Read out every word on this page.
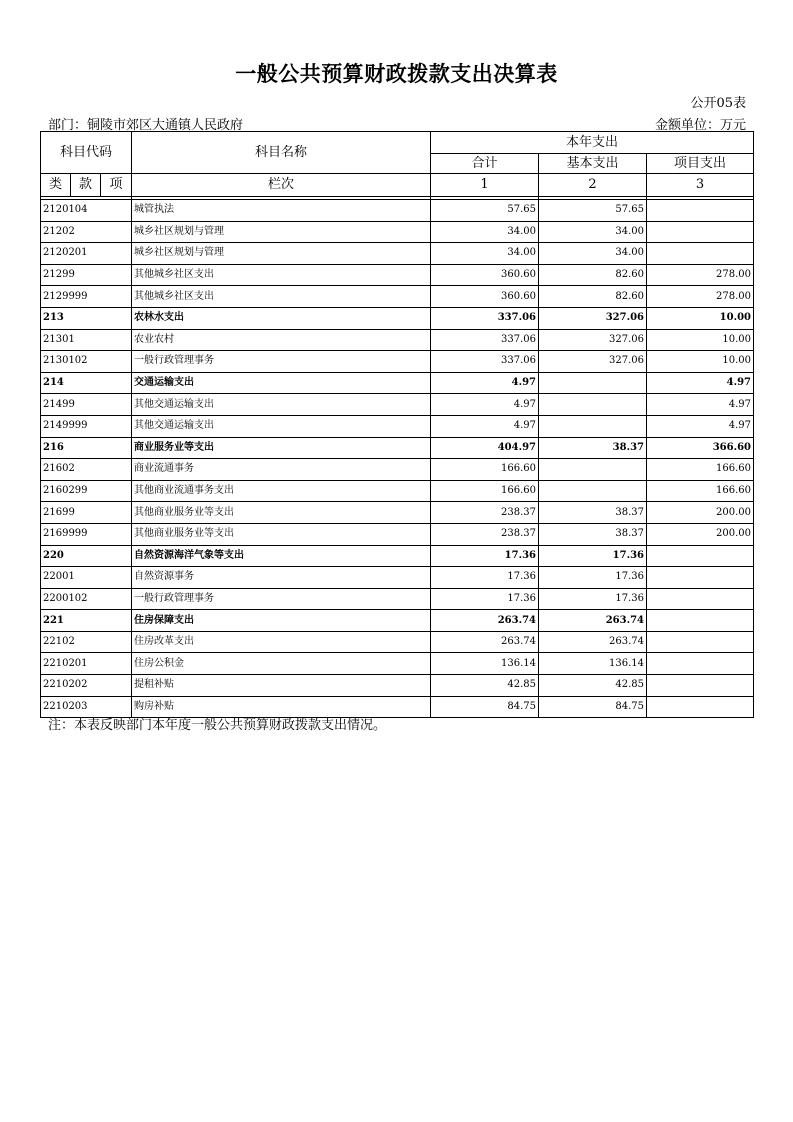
一般公共预算财政拨款支出决算表
公开05表
部门：铜陵市郊区大通镇人民政府	金额单位：万元
科目代码			科目名称	本年支出		
				合计	基本支出	项目支出
类	款	项	栏次	1	2	3

2120104			城管执法	57.65	57.65	
21202			城乡社区规划与管理	34.00	34.00	
2120201			城乡社区规划与管理	34.00	34.00	
21299			其他城乡社区支出	360.60	82.60	278.00
2129999			其他城乡社区支出	360.60	82.60	278.00
213			农林水支出	337.06	327.06	10.00
21301			农业农村	337.06	327.06	10.00
2130102			一般行政管理事务	337.06	327.06	10.00
214			交通运输支出	4.97		4.97
21499			其他交通运输支出	4.97		4.97
2149999			其他交通运输支出	4.97		4.97
216			商业服务业等支出	404.97	38.37	366.60
21602			商业流通事务	166.60		166.60
2160299			其他商业流通事务支出	166.60		166.60
21699			其他商业服务业等支出	238.37	38.37	200.00
2169999			其他商业服务业等支出	238.37	38.37	200.00
220			自然资源海洋气象等支出	17.36	17.36	
22001			自然资源事务	17.36	17.36	
2200102			一般行政管理事务	17.36	17.36	
221			住房保障支出	263.74	263.74	
22102			住房改革支出	263.74	263.74	
2210201			住房公积金	136.14	136.14	
2210202			提租补贴	42.85	42.85	
2210203			购房补贴	84.75	84.75	
注：本表反映部门本年度一般公共预算财政拨款支出情况。
